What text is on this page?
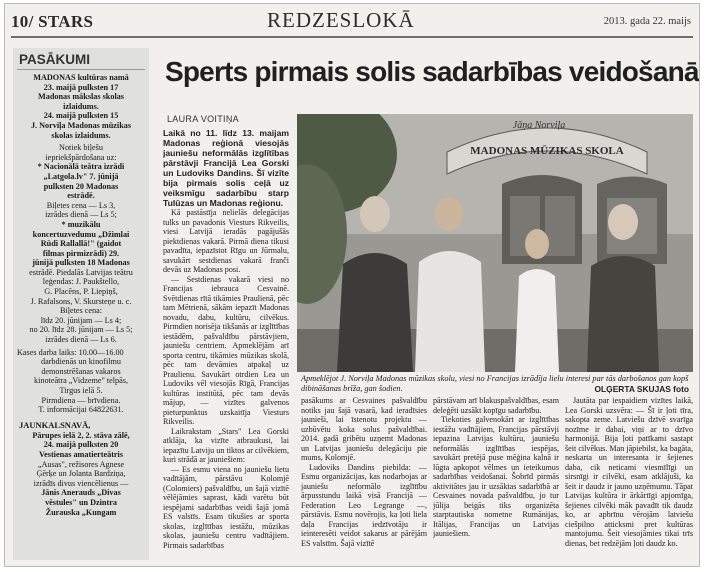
10/ STARS	REDZESLOKĀ	2013. gada 22. maijs
PASĀKUMI
MADONAS kultūras namā
23. maijā pulksten 17
Madonas mākslas skolas
izlaidums.
24. maijā pulksten 15
J. Norviļa Madonas mūzikas
skolas izlaidums.
Notiek biļešu
iepriekšpārdošana uz:
* Nacionālā teātra izrādi
„Latgola.lv" 7. jūnijā
pulksten 20 Madonas
estrādē.
Biļetes cena — Ls 3,
izrādes dienā — Ls 5;
* muzikālu
koncertuzvedumu „Džimlai
Rūdi Rallallā!" (gaidot
filmas pirmizrādi) 29.
jūnijā pulksten 18 Madonas
estrādē. Piedalās Latvijas teātru
leģendas: J. Paukštello,
G. Placēns, P. Liepiņš,
J. Rafalsons, V. Skursteņe u. c.
Biļetes cena:
līdz 20. jūnijam — Ls 4;
no 20. līdz 28. jūnijam — Ls 5;
izrādes dienā — Ls 6.
Kases darba laiks: 10.00—16.00
darbdienās un kinofilmu
demonstrēšanas vakaros
kinoteātra „Vidzeme" telpās,
Tirgus ielā 5.
Pirmdiena — brīvdiena.
T. informācijai 64822631.
JAUNKALSNAVĀ,
Pārupes ielā 2, 2. stāva zālē,
24. maijā pulksten 20
Vestienas amatierteātris
„Ausas", režisores Agnese
Ģērķe un Jolanta Bardziņa,
izrādīs divus viencēlienus —
Jānis Anerauds „Divas
vēstules" un Dzintra
Žurauska „Kungam
Sperts pirmais solis sadarbības veidošanā
LAURA VOITIŅA
Laikā no 11. līdz 13. maijam Madonas reģionā viesojās jauniešu neformālās izglītības pārstāvji Francijā Lea Gorski un Ludoviks Dandins. Šī vizīte bija pirmais solis ceļā uz veiksmīgu sadarbību starp Tulūzas un Madonas reģionu.

Kā pastāstīja nelielās delegācijas tulks un pavadonis Viesturs Rikveilis, viesi Latvijā ieradās pagājušās piektdienas vakarā. Pirmā diena tikusi pavadīta, iepazīstot Rīgu un Jūrmalu, savukārt sestdienas vakarā franči devās uz Madonas posi.

— Sestdienas vakarā viesi no Francijas iebrauca Cesvainē. Svētdienas rītā tikāmies Praulienā, pēc tam Mētrienā, sākām iepazīt Madonas novadu, dabu, kultūru, cilvēkus. Pirmdien norisēja tikšanās ar izglītības iestādēm, pašvaldību pārstāvjiem, jauniešu centriem. Apmeklējām arī sporta centru, tikāmies mūzikas skolā, pēc tam devāmies atpakaļ uz Praulienu. Savukārt otrdien Lea un Ludoviks vēl viesojās Rīgā, Francijas kultūras institūtā, pēc tam devās mājup, — vizītes galvenos pieturpunktus uzskaitīja Viesturs Rikveilis.

Laikrakstam „Stars" Lea Gorski atklāja, ka vizīte atbraukusi, lai iepazītu Latviju un tiktos ar cilvēkiem, kuri strādā ar jauniešiem:

— Es esmu viena no jauniešu lietu vadītājām, pārstāvu Kolomjē (Colomiers) pašvaldību, un šajā vizītē vēlējāmies saprast, kādi varētu būt iespējami sadarbības veidi šajā jomā ES valstīs. Esam tikušies ar sporta skolas, izglītības iestāžu, mūzikas skolas, jauniešu centru vadītājiem. Pirmais sadarbības

Jāņa Norviļa
MADONAS MŪZIKAS SKOLA
Apmeklējot J. Norviļa Madonas mūzikas skolu, viesi no Francijas izrādīja lielu interesi par tās darbošanos gan kopš dibināšanas brīža, gan šodien.	OLĢERTA SKUJAS foto

pasākums ar Cesvaines pašvaldību notiks jau šajā vasarā, kad ieradīsies jaunieši, lai īstenotu projektu — uzbūvētu koka solus pašvaldībai. 2014. gadā gribētu uzņemt Madonas un Latvijas jauniešu delegāciju pie mums, Kolomjē.

Ludoviks Dandins piebilda: — Esmu organizācijas, kas nodarbojas ar jauniešu neformālo izglītību ārpusstundu laikā visā Francijā — Federation Leo Legrange —, pārstāvis. Esmu novērojis, ka ļoti liela daļa Francijas iedzīvotāju ir ieinteresēti veidot sakarus ar pārējām ES valstīm. Šajā vizītē

pārstāvam arī blakuspašvaldības, esam deleģēti uzsākt kopīgu sadarbību.

Tiekoties galvenokārt ar izglītības iestāžu vadītājiem, Francijas pārstāvji iepazina Latvijas kultūru, jauniešu neformālās izglītības iespējas, savukārt pretējā puse mēģina kalnā ir lūgta apkopot vēlmes un ieteikumus sadarbības veidošanai. Šobrīd pirmās aktivitātes jau ir uzsāktas sadarbībā ar Cesvaines novada pašvaldību, jo tur jūlija beigās tiks organizēta starptautiska nometne Rumānijas, Itālijas, Francijas un Latvijas jauniešiem.

Jautāta par iespaidiem vizītes laikā, Lea Gorski uzsvēra: — Šī ir ļoti tīra, sakopta zeme. Latviešu dzīvē svarīga nozīme ir dabai, viņi ar to dzīvo harmonijā. Bija ļoti patīkami sastapt šeit cilvēkus. Man jāpiebilst, ka bagāta, neskarta un interesanta ir šejienes daba, cik neticami viesmīlīgi un sirsnīgi ir cilvēki, esam atklājuši, ka šeit ir daudz ir jauno uzņēmumu. Tāpat Latvijas kultūra ir ārkārtīgi apjomīga, šejienes cilvēki māk pavadīt tik daudz ko, ar apbrīnu vērojām latviešu ciešpilno atticksmi pret kultūras mantojumu. Šeit viesojāmies tikai trīs dienas, bet redzējām ļoti daudz ko.
